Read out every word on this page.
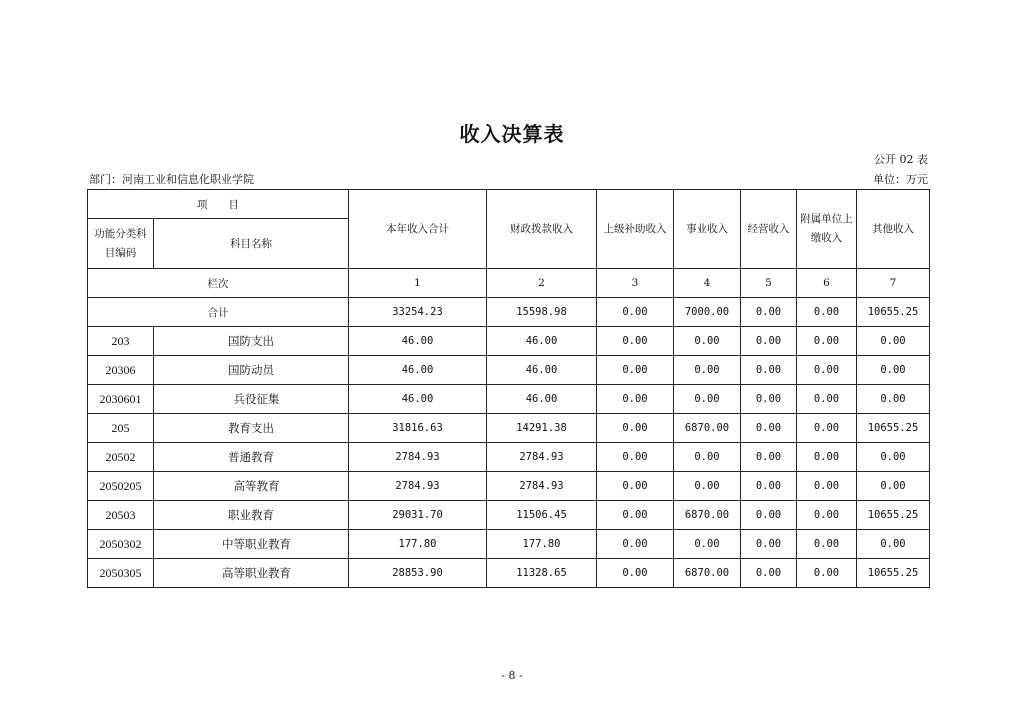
收入决算表
公开 02 表
部门：河南工业和信息化职业学院	单位：万元
项　　目		本年收入合计	财政拨款收入	上级补助收入	事业收入	经营收入	附属单位上缴收入	其他收入
功能分类科目编码	科目名称							
栏次		1	2	3	4	5	6	7
合计		33254.23	15598.98	0.00	7000.00	0.00	0.00	10655.25
203	国防支出	46.00	46.00	0.00	0.00	0.00	0.00	0.00
20306	国防动员	46.00	46.00	0.00	0.00	0.00	0.00	0.00
2030601	兵役征集	46.00	46.00	0.00	0.00	0.00	0.00	0.00
205	教育支出	31816.63	14291.38	0.00	6870.00	0.00	0.00	10655.25
20502	普通教育	2784.93	2784.93	0.00	0.00	0.00	0.00	0.00
2050205	高等教育	2784.93	2784.93	0.00	0.00	0.00	0.00	0.00
20503	职业教育	29031.70	11506.45	0.00	6870.00	0.00	0.00	10655.25
2050302	中等职业教育	177.80	177.80	0.00	0.00	0.00	0.00	0.00
2050305	高等职业教育	28853.90	11328.65	0.00	6870.00	0.00	0.00	10655.25
- 8 -
